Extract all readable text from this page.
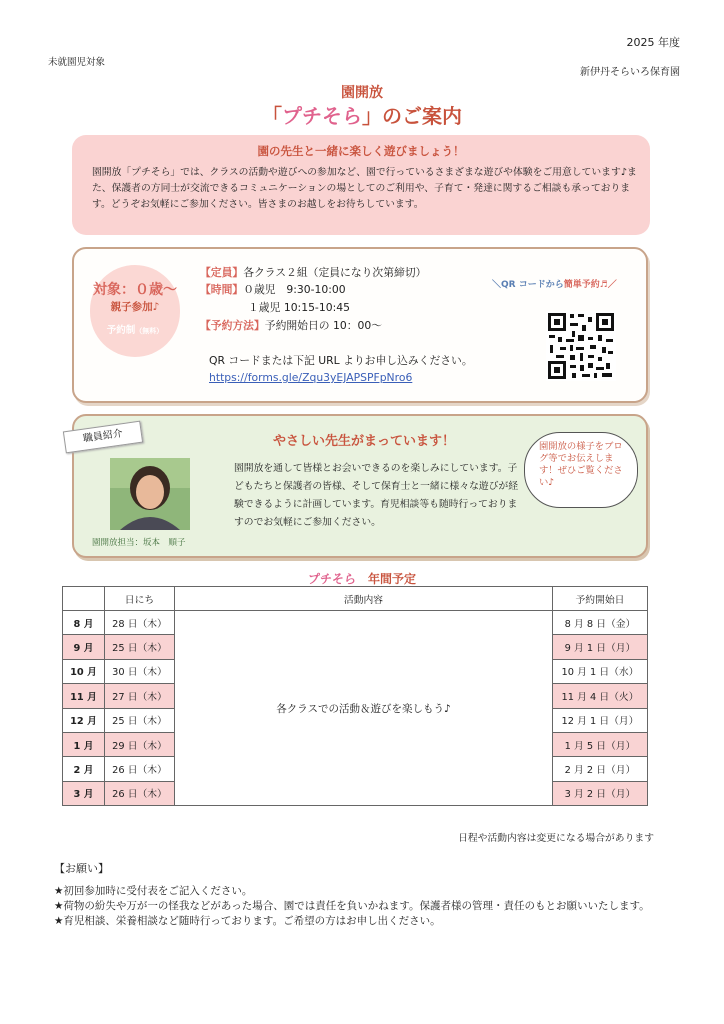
2025 年度
未就園児対象
新伊丹そらいろ保育園
園開放
「プチそら」のご案内
園の先生と一緒に楽しく遊びましょう！
園開放「プチそら」では、クラスの活動や遊びへの参加など、園で行っているさまざまな遊びや体験をご用意しています♪また、保護者の方同士が交流できるコミュニケーションの場としてのご利用や、子育て・発達に関するご相談も承っております。どうぞお気軽にご参加ください。皆さまのお越しをお待ちしています。
対象：０歳～
親子参加♪
予約制（無料）
【定員】各クラス２組（定員になり次第締切）
【時間】０歳児　9:30-10:00
１歳児 10:15-10:45
【予約方法】予約開始日の 10：00～
＼QR コードから簡単予約♬／
QR コードまたは下記 URL よりお申し込みください。
https://forms.gle/Zqu3yEJAPSPFpNro6
職員紹介	やさしい先生がまっています！
園開放担当：坂本　順子
園開放を通して皆様とお会いできるのを楽しみにしています。子どもたちと保護者の皆様、そして保育士と一緒に様々な遊びが経験できるように計画しています。育児相談等も随時行っておりますのでお気軽にご参加ください。
園開放の様子をブログ等でお伝えします！ぜひご覧ください♪
プチそら　 年間予定
	日にち	活動内容	予約開始日
8 月	28 日（木）	各クラスでの活動＆遊びを楽しもう♪	8 月 8 日（金）
9 月	25 日（木）		9 月 1 日（月）
10 月	30 日（木）		10 月 1 日（水）
11 月	27 日（木）		11 月 4 日（火）
12 月	25 日（木）		12 月 1 日（月）
1 月	29 日（木）		1 月 5 日（月）
2 月	26 日（木）		2 月 2 日（月）
3 月	26 日（木）		3 月 2 日（月）
日程や活動内容は変更になる場合があります
【お願い】
★初回参加時に受付表をご記入ください。
★荷物の紛失や万が一の怪我などがあった場合、園では責任を負いかねます。保護者様の管理・責任のもとお願いいたします。
★育児相談、栄養相談など随時行っております。ご希望の方はお申し出ください。
